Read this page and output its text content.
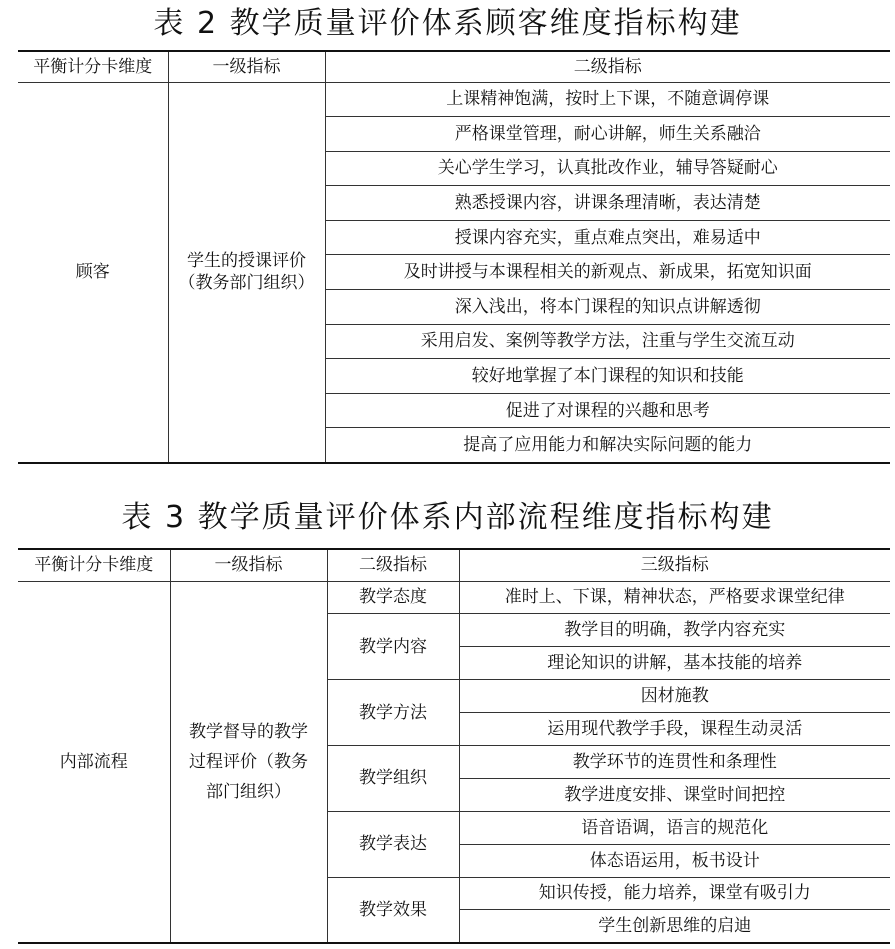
表 2 教学质量评价体系顾客维度指标构建
平衡计分卡维度	一级指标	二级指标
顾客	学生的授课评价（教务部门组织）	上课精神饱满，按时上下课，不随意调停课
		严格课堂管理，耐心讲解，师生关系融洽
		关心学生学习，认真批改作业，辅导答疑耐心
		熟悉授课内容，讲课条理清晰，表达清楚
		授课内容充实，重点难点突出，难易适中
		及时讲授与本课程相关的新观点、新成果，拓宽知识面
		深入浅出，将本门课程的知识点讲解透彻
		采用启发、案例等教学方法，注重与学生交流互动
		较好地掌握了本门课程的知识和技能
		促进了对课程的兴趣和思考
		提高了应用能力和解决实际问题的能力
表 3 教学质量评价体系内部流程维度指标构建
平衡计分卡维度	一级指标	二级指标	三级指标
内部流程	教学督导的教学过程评价（教务部门组织）	教学态度	准时上、下课，精神状态，严格要求课堂纪律
		教学内容	教学目的明确，教学内容充实
			理论知识的讲解，基本技能的培养
		教学方法	因材施教
			运用现代教学手段，课程生动灵活
		教学组织	教学环节的连贯性和条理性
			教学进度安排、课堂时间把控
		教学表达	语音语调，语言的规范化
			体态语运用，板书设计
		教学效果	知识传授，能力培养，课堂有吸引力
			学生创新思维的启迪
